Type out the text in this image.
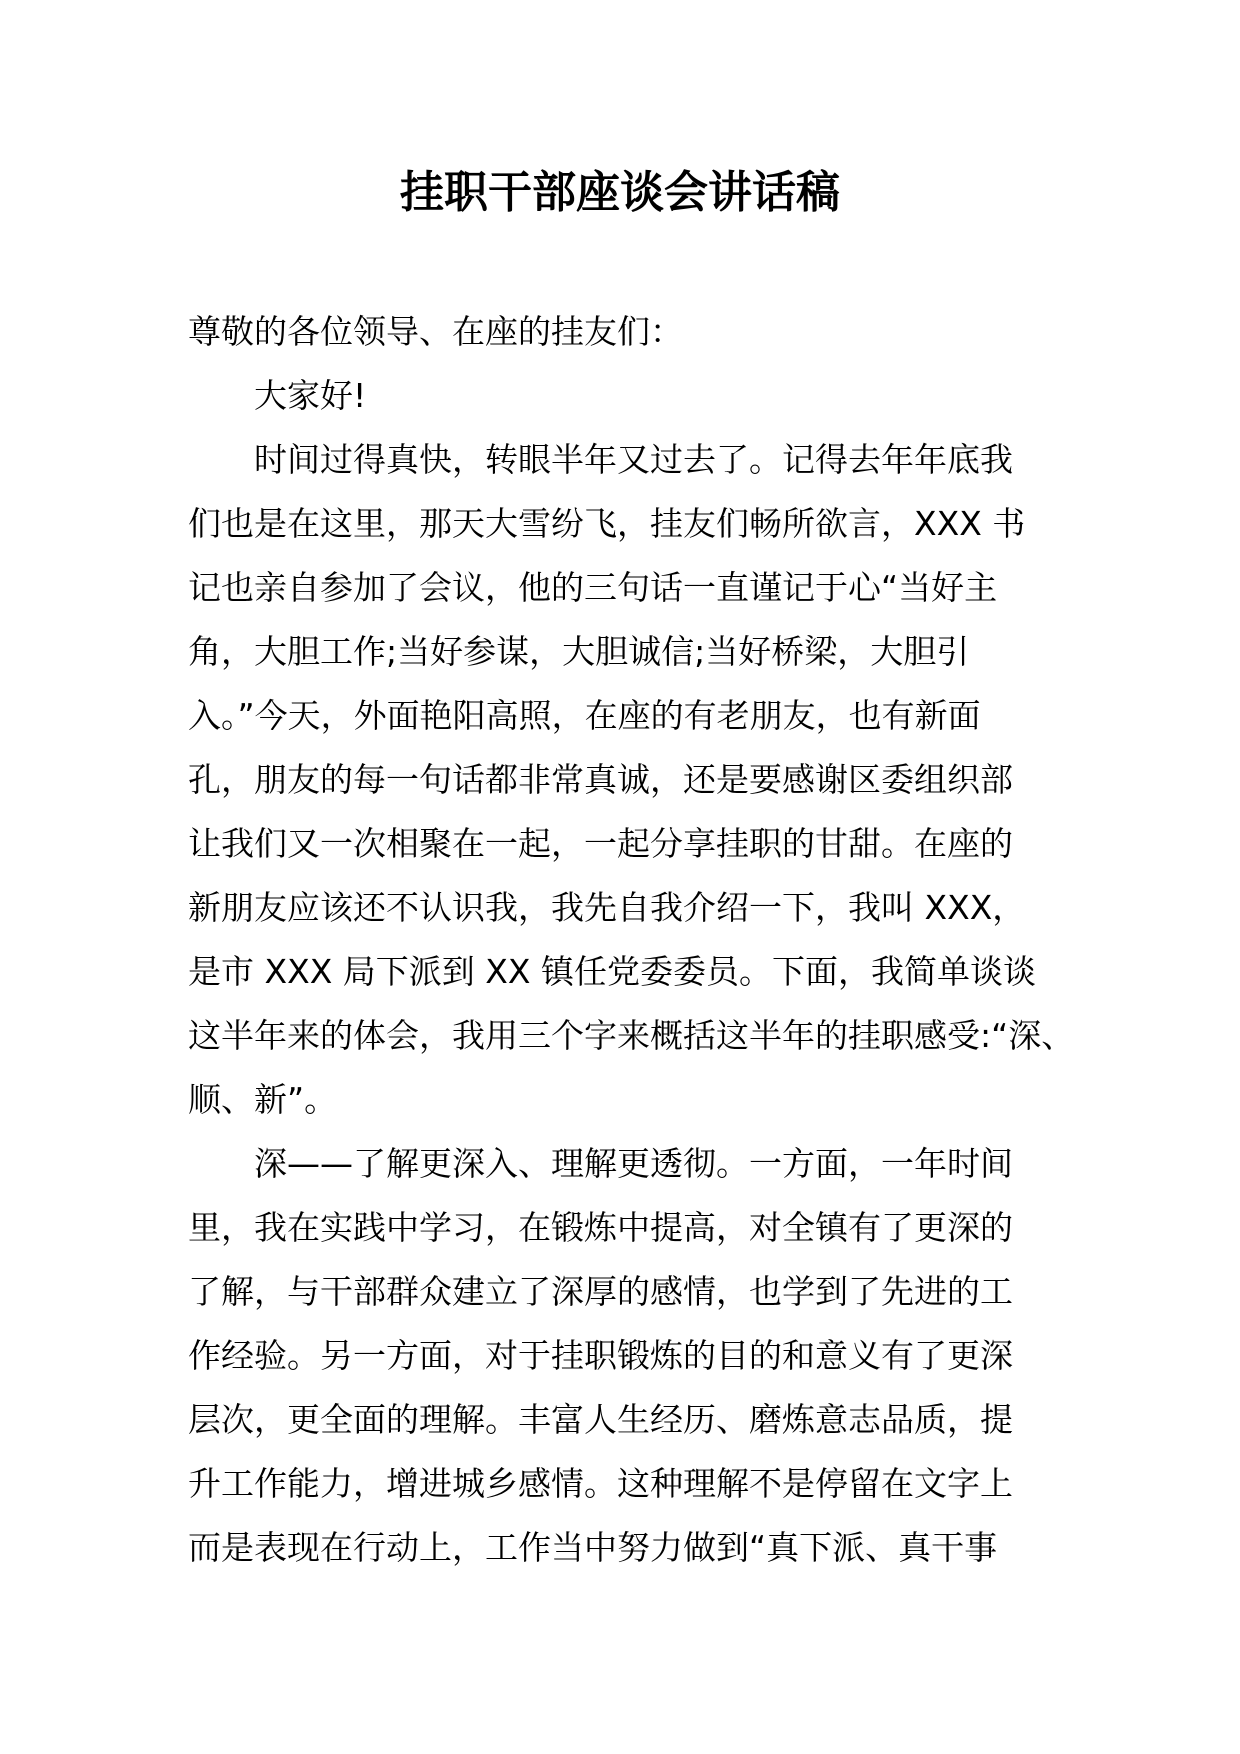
挂职干部座谈会讲话稿
尊敬的各位领导、在座的挂友们：
大家好!
时间过得真快，转眼半年又过去了。记得去年年底我
们也是在这里，那天大雪纷飞，挂友们畅所欲言，XXX 书
记也亲自参加了会议，他的三句话一直谨记于心“当好主
角，大胆工作;当好参谋，大胆诚信;当好桥梁，大胆引
入。”今天，外面艳阳高照，在座的有老朋友，也有新面
孔，朋友的每一句话都非常真诚，还是要感谢区委组织部
让我们又一次相聚在一起，一起分享挂职的甘甜。在座的
新朋友应该还不认识我，我先自我介绍一下，我叫 XXX，
是市 XXX 局下派到 XX 镇任党委委员。下面，我简单谈谈
这半年来的体会，我用三个字来概括这半年的挂职感受:“深、
顺、新”。
深——了解更深入、理解更透彻。一方面，一年时间
里，我在实践中学习，在锻炼中提高，对全镇有了更深的
了解，与干部群众建立了深厚的感情，也学到了先进的工
作经验。另一方面，对于挂职锻炼的目的和意义有了更深
层次，更全面的理解。丰富人生经历、磨炼意志品质，提
升工作能力，增进城乡感情。这种理解不是停留在文字上
而是表现在行动上，工作当中努力做到“真下派、真干事
